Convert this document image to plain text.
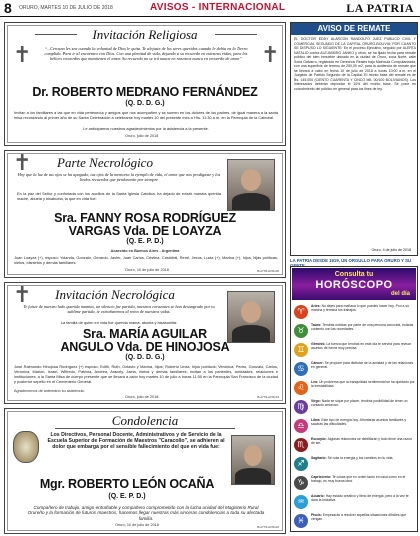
8 ORURO, MARTES 10 DE JULIO DE 2018	AVISOS - INTERNACIONAL	LA PATRIA
Invitación Religiosa
✝	✝
“...Cercano les sea cuando la voluntad de Dios le quita. Te alejaste de los seres queridos cuando le debía en la Tierra cumplida. Para ir al encuentro con Dios. Con una plenitud de vida, dejando a su recuerdo en nuestras vidas, para los hélices recuerdos que mantienen el amor. Su recuerdo no se irá nunca en nosotros nunca en recuerdo de amor”
Dr. ROBERTO MEDRANO FERNÁNDEZ
(Q. D. D. G.)
Invitan a los familiares a las que en vida pertenecía y amigos que nos acompañen y se sumen en los dolores de los padres, de igual manera a la santa misa recordando al primer año de su Santa Celebración a celebrarse hoy martes 10 del presente mes a Hrs. 11:30 a.m. en la Parroquia de la Catedral.
Le anticipamos nuestros agradecimientos por la asistencia a la presente.
Oruro, julio de 2018
Parte Necrológico
✝
Hoy que la luz de tus ojos se ha apagado, tus ojos de la memoria la ejemplo de vida, el amor que nos prodigaste y los lindos recuerdos que perdurarán por siempre
En la paz del Señor y confortada con los auxilios de la Santa Iglesia Católica, ha dejado de existir nuestra querida madre, abuela y bisabuela, la que en vida fue:
Sra. FANNY ROSA RODRÍGUEZ
VARGAS Vda. DE LOAYZA
(Q. E. P. D.)
Acaecido en Buenos Aires - Argentina
Juan Loayza (+), esposo; Yolanda, Gonzalo, Gerardo, Javier, Juan Carlos, Cristina, Cristóbal, René, Jesús, Lucia (+), Marina (+), hijos, hijas políticas, nietos, bisnietos y demás familiares.
Oruro, 10 de julio de 2018	B-2778-AVIS-06
Invitación Necrológica
✝
Te fuiste de nuestro lado querida mamita, un silencio fue partida, nuestros corazones se han desangrado por tu sublime partida, te extrañaremos al reino de nuestros vidas.
La familia de quien en vida fue querida mamá, abuela y bisabuelita:
Sra. MARÍA AGUILAR
ANGULO Vda. DE HINOJOSA
(Q. D. D. G.)
José Raimundo Hinojosa Rodríguez (+) esposo; Edith, Ruth, Octavio y Marina, hijos; Roberto Urcia, hijos políticos; Verónica, Pedro, Gonzalo, Carlos, Veronica, Marlon, Israel, Wilfredo, Patricia, Andrea, Aracely, Jaela, nietos y demás familiares; invitan a los parientes, amistades, relaciones e instituciones; a la Santa Misa de cuerpo presente que se llevará a cabo hoy martes 10 de julio a horas 11:00 en la Parroquia San Francisco de la ciudad y posterior sepelio en el Cementerio General.
Agradecemos de antemano su asistencia.
Oruro, julio de 2018	B-2779-AVIS-04
Condolencia
Los Directivos, Personal Docente, Administrativos y de Servicio de la Escuela Superior de Formación de Maestros "Caracollo", se adhieren al dolor que embarga por el sensible fallecimiento del que en vida fue:
Mgr. ROBERTO LEÓN OCAÑA
(Q. E. P. D.)
Compañero de trabajo, amigo entrañable y compañero comprometido con la lucha unidad del Magisterio Rural Orureño y la formación de futuros maestros, hacemos llegar nuestras más sinceras condolencias a toda su afectada familia.
Oruro, 10 de julio de 2018	B-2779-AVIS-02
AVISO DE REMATE
EL DOCTOR EDDY ALARCON RANDOLFO JUEZ PUBLICO CIVIL Y COMERCIAL SEGUNDO DE LA CAPITAL ORURO-BOLIVIA; POR CUANTO SE DISPUSO LO SIGUIENTE: En el proceso Ejecutivo, seguido por ALERTA NATALIO contra ALEJANDRO JANKO y otros, se ha fijado fecha para remate público del bien inmueble ubicado en la ciudad de Oruro, zona Norte, calle Soria Galvarro, registrado en Derechos Reales bajo Matrícula Computarizada, con una superficie de terreno de 250,00 m2, para la audiencia de remate que se llevará a cabo en fecha 10 de julio de 2018 a horas 10:00 a.m. en el Juzgado de Partido Segundo de la Capital. El monto base del remate es de Bs. 145.000 (CIENTO CUARENTA Y CINCO MIL 00/100 BOLIVIANOS). Los interesados deberán depositar el 10% del monto base. Se pone en conocimiento del público en general para los fines de ley.
Oruro, 4 de julio de 2018
LA PATRIA DESDE 1919, UN ORGULLO PARA ORURO Y SU
Consulta tu
HORÓSCOPO
del día
♈
Aries: No dejes para mañana lo que puedes hacer hoy. Pon a su marcha y termina tus trabajos.
♉
Tauro: Tendrás noticias por parte de una persona conocida, estarás contento con las novedades.
♊
Géminis: La fuerza que tendrás en este día te servirá para revisar asuntos de forma muy precisa.
♋
Cáncer: Se propone para disfrutar de la amistad y de las relaciones en general.
♌
Leo: Un problema que la tranquilidad sentimental se ha quedado por la inestabilidad.
♍
Virgo: Nada se sique por placer, tendrás posibilidad de tener un contacto amoroso.
♎
Libra: Este tipo de energía hoy. Afrontarás asuntos familiares y sacarás las dificultades.
♏
Escorpio: Algunas relaciones se debilitarán y todo tiene una razón de ser.
♐
Sagitario: Se nota la energía y los cambios en tu vida.
♑
Capricornio: Te cosas que en orden tanto en casa como en el trabajo, es muy buena idea.
♒
Acuario: Hay estado creativo y lleno de energía, pero a la vez te dará la iniciativa.
♓
Piscis: Empezarás a resolver aquellas situaciones difíciles que vengan.
